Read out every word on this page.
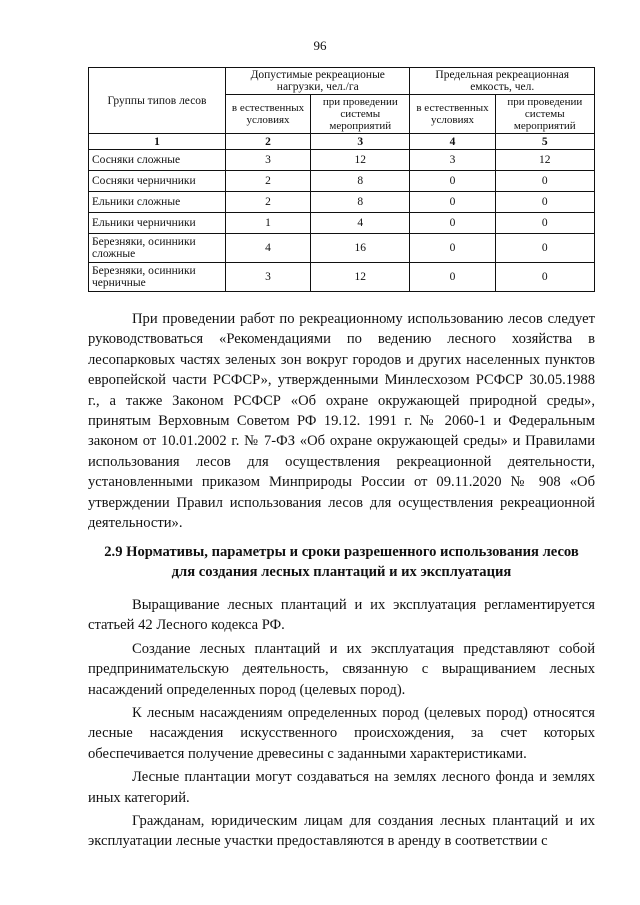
96
Группы типов лесов	Допустимые рекреационые нагрузки, чел./га		Предельная рекреационная емкость, чел.	
	в естественных условиях	при проведении системы мероприятий	в естественных условиях	при проведении системы мероприятий
1	2	3	4	5
Сосняки сложные	3	12	3	12
Сосняки черничники	2	8	0	0
Ельники сложные	2	8	0	0
Ельники черничники	1	4	0	0
Березняки, осинники сложные	4	16	0	0
Березняки, осинники черничные	3	12	0	0

При проведении работ по рекреационному использованию лесов следует руководствоваться «Рекомендациями по ведению лесного хозяйства в лесопарковых частях зеленых зон вокруг городов и других населенных пунктов европейской части РСФСР», утвержденными Минлесхозом РСФСР 30.05.1988 г., а также Законом РСФСР «Об охране окружающей природной среды», принятым Верховным Советом РФ 19.12. 1991 г. № 2060-1 и Федеральным законом от 10.01.2002 г. № 7-ФЗ «Об охране окружающей среды» и Правилами использования лесов для осуществления рекреационной деятельности, установленными приказом Минприроды России от 09.11.2020 № 908 «Об утверждении Правил использования лесов для осуществления рекреационной деятельности».

2.9 Нормативы, параметры и сроки разрешенного использования лесов
для создания лесных плантаций и их эксплуатация

Выращивание лесных плантаций и их эксплуатация регламентируется статьей 42 Лесного кодекса РФ.

Создание лесных плантаций и их эксплуатация представляют собой предпринимательскую деятельность, связанную с выращиванием лесных насаждений определенных пород (целевых пород).

К лесным насаждениям определенных пород (целевых пород) относятся лесные насаждения искусственного происхождения, за счет которых обеспечивается получение древесины с заданными характеристиками.

Лесные плантации могут создаваться на землях лесного фонда и землях иных категорий.

Гражданам, юридическим лицам для создания лесных плантаций и их эксплуатации лесные участки предоставляются в аренду в соответствии с
